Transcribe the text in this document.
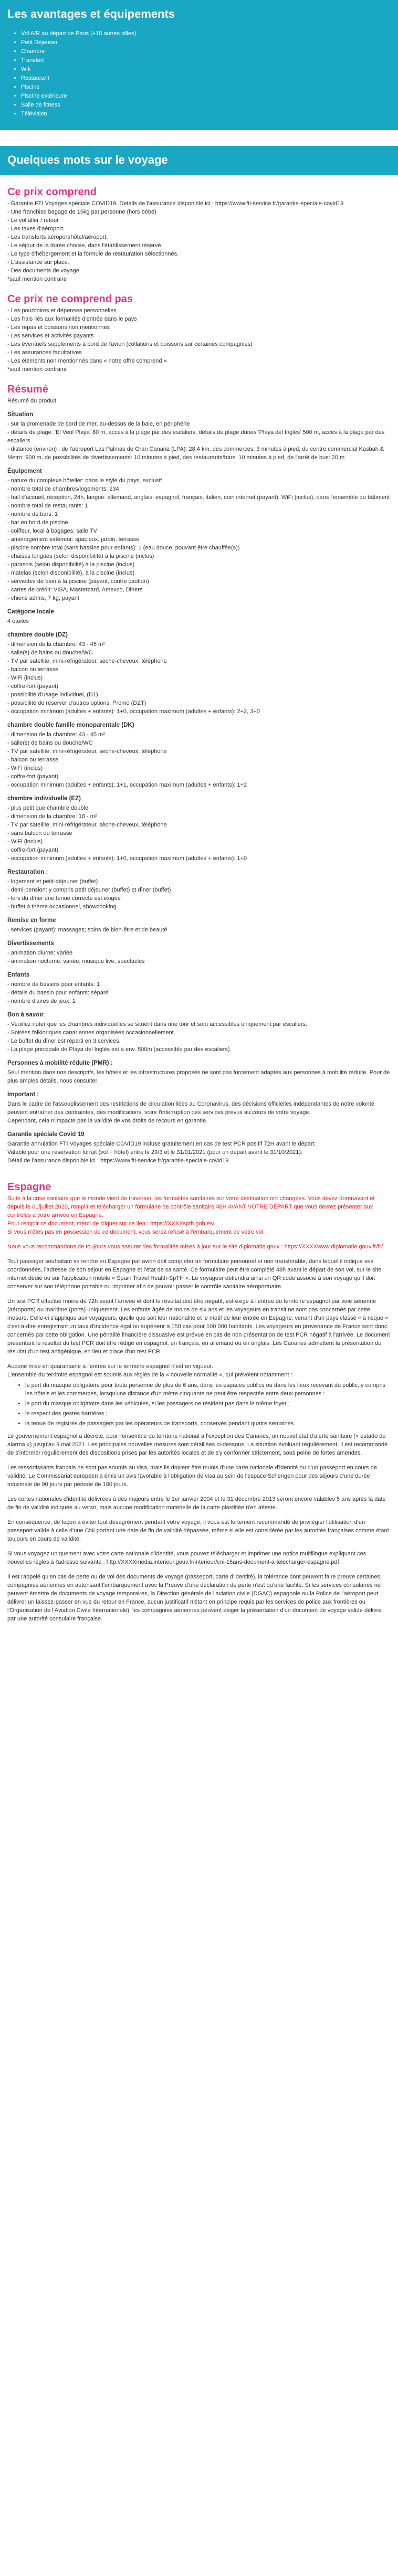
Les avantages et équipements
• Vol A/R au départ de Paris (+15 autres villes)
• Petit Déjeuner
• Chambre
• Transfert
• Wifi
• Restaurant
• Piscine
• Piscine extérieure
• Salle de fitness
• Télévision
Quelques mots sur le voyage
Ce prix comprend

- Garantie FTI Voyages spéciale COVID19. Details de l'assurance disponible ici : https://www.fti-service.fr/garantie-speciale-covid19

- Une franchise bagage de 15kg par personne (hors bébé)

- Le vol aller / retour

- Les taxes d'aéroport.

- Les transferts aéroport/hôtel/aéroport.

- Le séjour de la durée choisie, dans l'établissement réservé.

- Le type d'hébergement et la formule de restauration sélectionnés.

- L'assistance sur place.

- Des documents de voyage.

*sauf mention contraire

Ce prix ne comprend pas

- Les pourboires et dépenses personnelles

- Les frais liés aux formalités d'entrée dans le pays

- Les repas et boissons non mentionnés

- Les services et activités payants

- Les éventuels suppléments à bord de l'avion (collations et boissons sur certaines compagnies)

- Les assurances facultatives

- Les éléments non mentionnés dans « notre offre comprend »

*sauf mention contraire

Résumé

Résumé du produit

Situation

- sur la promenade de bord de mer, au-dessus de la baie, en périphérie

- détails de plage: 'El Veril Playa' 80 m, accès à la plage par des escaliers, détails de plage dunes 'Playa del Inglés' 500 m, accès à la plage par des escaliers

- distance (environ) : de l'aéroport Las Palmas de Gran Canaria (LPA): 28,4 km, des commerces: 3 minutes à pied, du centre commercial Kasbah & Metro: 900 m, de possibilités de divertissements: 10 minutes à pied, des restaurants/bars: 10 minutes à pied, de l'arrêt de bus: 20 m

Équipement

- nature du complexe hôtelier: dans le style du pays, exclusif

- nombre total de chambres/logements: 234

- hall d'accueil, réception, 24h, langue: allemand, anglais, espagnol, français, italien, coin internet (payant), WiFi (inclus), dans l'ensemble du bâtiment

- nombre total de restaurants: 1

- nombre de bars: 1

- bar en bord de piscine

- coiffeur, local à bagages, salle TV

- aménagement extérieur: spacieux, jardin, terrasse

- piscine nombre total (sans bassins pour enfants): 1 (eau douce, pouvant être chauffée(s))

- chaises longues (selon disponibilité) à la piscine (inclus)

- parasols (selon disponibilité) à la piscine (inclus)

- matelas (selon disponibilité), à la piscine (inclus)

- serviettes de bain à la piscine (payant, contre caution)

- cartes de crédit: VISA, Mastercard, Amexco, Diners

- chiens admis, 7 kg, payant

Catégorie locale

4 étoiles

chambre double (DZ)

- dimension de la chambre: 43 - 45 m²

- salle(s) de bains ou douche/WC

- TV par satellite, mini-réfrigérateur, sèche-cheveux, téléphone

- balcon ou terrasse

- WiFi (inclus)

- coffre-fort (payant)

- possibilité d'usage individuel, (D1)

- possibilité de réserver d'autres options: Promo (DZT)

- occupation minimum (adultes + enfants): 1+0, occupation maximum (adultes + enfants): 2+2, 3+0

chambre double famille monoparentale (DK)

- dimension de la chambre: 43 - 45 m²

- salle(s) de bains ou douche/WC

- TV par satellite, mini-réfrigérateur, sèche-cheveux, téléphone

- balcon ou terrasse

- WiFi (inclus)

- coffre-fort (payant)

- occupation minimum (adultes + enfants): 1+1, occupation maximum (adultes + enfants): 1+2

chambre individuelle (EZ)

- plus petit que chambre double

- dimension de la chambre: 18 - m²

- TV par satellite, mini-réfrigérateur, sèche-cheveux, téléphone

- sans balcon ou terrasse

- WiFi (inclus)

- coffre-fort (payant)

- occupation minimum (adultes + enfants): 1+0, occupation maximum (adultes + enfants): 1+0

Restauration :

- logement et petit-déjeuner (buffet)

- demi-pension: y compris petit déjeuner (buffet) et dîner (buffet)

- lors du dîner une tenue correcte est exigée

- buffet à thème occasionnel, showcooking

Remise en forme

- services (payant): massages; soins de bien-être et de beauté

Divertissements

- animation diurne: variée

- animation nocturne: variée; musique live, spectacles

Enfants

- nombre de bassins pour enfants: 1

- détails du bassin pour enfants: séparé

- nombre d'aires de jeux: 1

Bon à savoir

- Veuillez noter que les chambres individuelles se situent dans une tour et sont accessibles uniquement par escaliers.

- Soirées folkloriques canariennes organisées occasionnellement.

- Le buffet du dîner est réparti en 3 services.

- La plage principale de Playa del Inglés est à env. 500m (accessible par des escaliers).

Personnes à mobilité réduite (PMR) :

Seul mention dans nos descriptifs, les hôtels et les infrastructures proposés ne sont pas forcément adaptés aux personnes à mobilité réduite. Pour de plus amples détails, nous consulter.

Important :

Dans le cadre de l'assouplissement des restrictions de circulation liées au Coronavirus, des décisions officielles indépendantes de notre volonté peuvent entraîner des contraintes, des modifications, voire l'interruption des services prévus au cours de votre voyage.

Cependant, cela n'impacte pas la validité de vos droits de recours en garantie.

Garantie spéciale Covid 19

Garantie annulation FTI Voyages spéciale COVID19 incluse gratuitement en cas de test PCR positif 72H avant le départ.

Valable pour une réservation forfait (vol + hôtel) entre le 29/3 et le 31/01/2021 (pour un départ avant le 31/10/2021).

Détail de l'assurance disponible ici : https://www.fti-service.fr/garantie-speciale-covid19

Espagne

Suite à la crise sanitaire que le monde vient de traverser, les formalités sanitaires sur votre destination ont changées. Vous devez dorénavant et depuis le 01/juillet 2020, remplir et télécharger un formulaire de contrôle sanitaire 48H AVANT VOTRE DÉPART que vous devrez présenter aux contrôles à votre arrivée en Espagne.

Pour remplir ce document, merci de cliquer sur ce lien : https://XXXXspth.gob.es/

Si vous n'êtes pas en possession de ce document, vous serez refusé à l'embarquement de votre vol.

Nous vous recommandons de toujours vous assurer des formalités mises à jour sur le site diplomatie.gouv : https://XXXXwww.diplomatie.gouv.fr/fr/

Tout passager souhaitant se rendre en Espagne par avion doit compléter un formulaire personnel et non transférable, dans lequel il indique ses coordonnées, l'adresse de son séjour en Espagne et l'état de sa santé. Ce formulaire peut être complété 48h avant le départ de son vol, sur le site internet dédié ou sur l'application mobile « Spain Travel Health-SpTH ». Le voyageur obtiendra ainsi un QR code associé à son voyage qu'il doit conserver sur son téléphone portable ou imprimer afin de pouvoir passer le contrôle sanitaire aéroportuaire.

Un test PCR effectué moins de 72h avant l'arrivée et dont le résultat doit être négatif, est exigé à l'entrée du territoire espagnol par voie aérienne (aéroports) ou maritime (ports) uniquement. Les enfants âgés de moins de six ans et les voyageurs en transit ne sont pas concernés par cette mesure. Celle-ci s'applique aux voyageurs, quelle que soit leur nationalité et le motif de leur entrée en Espagne, venant d'un pays classé « à risque » c'est-à-dire enregistrant un taux d'incidence égal ou supérieur à 150 cas pour 100 000 habitants. Les voyageurs en provenance de France sont donc concernés par cette obligation. Une pénalité financière dissuasive est prévue en cas de non présentation de test PCR négatif à l'arrivée. Le document présentant le résultat du test PCR doit être rédigé en espagnol, en français, en allemand ou en anglais. Les Canaries admettent la présentation du résultat d'un test antigénique, en lieu et place d'un test PCR.

Aucune mise en quarantaine à l'entrée sur le territoire espagnol n'est en vigueur.

L'ensemble du territoire espagnol est soumis aux règles de la « nouvelle normalité », qui prévoient notamment :

• le port du masque obligatoire pour toute personne de plus de 6 ans, dans les espaces publics ou dans les lieux recevant du public, y compris les hôtels et les commerces, lorsqu'une distance d'un mètre cinquante ne peut être respectée entre deux personnes ;
• le port du masque obligatoire dans les véhicules, si les passagers ne résident pas dans le même foyer ;
• le respect des gestes barrières ;
• la tenue de registres de passagers par les opérateurs de transports, conservés pendant quatre semaines.

Le gouvernement espagnol a décrété, pour l'ensemble du territoire national à l'exception des Canaries, un nouvel état d'alerte sanitaire (« estado de alarma ») jusqu'au 9 mai 2021. Les principales nouvelles mesures sont détaillées ci-dessous. La situation évoluant régulièrement, il est recommandé de s'informer régulièrement des dispositions prises par les autorités locales et de s'y conformer strictement, sous peine de fortes amendes.

Les ressortissants français ne sont pas soumis au visa, mais ils doivent être munis d'une carte nationale d'identité ou d'un passeport en cours de validité. Le Commissariat européen a émis un avis favorable à l'obligation de visa au sein de l'espace Schengen pour des séjours d'une durée maximale de 90 jours par période de 180 jours.

Les cartes nationales d'identité délivrées à des majeurs entre le 1er janvier 2004 et le 31 décembre 2013 seront encore valables 5 ans après la date de fin de validité indiquée au verso, mais aucune modification matérielle de la carte plastifiée n'en atteste.

En conséquence, de façon à éviter tout désagrément pendant votre voyage, il vous est fortement recommandé de privilégier l'utilisation d'un passeport valide à celle d'une CNI portant une date de fin de validité dépassée, même si elle est considérée par les autorités françaises comme étant toujours en cours de validité.

Si vous voyagez uniquement avec votre carte nationale d'identité, vous pouvez télécharger et imprimer une notice multilingue expliquant ces nouvelles règles à l'adresse suivante : http://XXXXmedia.interieur.gouv.fr/interieur/cni-15ans-document-a-telecharger-espagne.pdf.

Il est rappelé qu'en cas de perte ou de vol des documents de voyage (passeport, carte d'identité), la tolérance dont peuvent faire preuve certaines compagnies aériennes en autorisant l'embarquement avec la Preuve d'une déclaration de perte n'est qu'une facilité. Si les services consulaires ne peuvent émettre de documents de voyage temporaires, la Direction générale de l'aviation civile (DGAC) espagnole ou la Police de l'aéroport peut délivrer un laissez-passer en vue du retour en France, aucun justificatif n'étant en principe requis par les services de police aux frontières ou l'Organisation de l'Aviation Civile Internationale), les compagnies aériennes peuvent exiger la présentation d'un document de voyage valide délivré par une autorité consulaire française.
